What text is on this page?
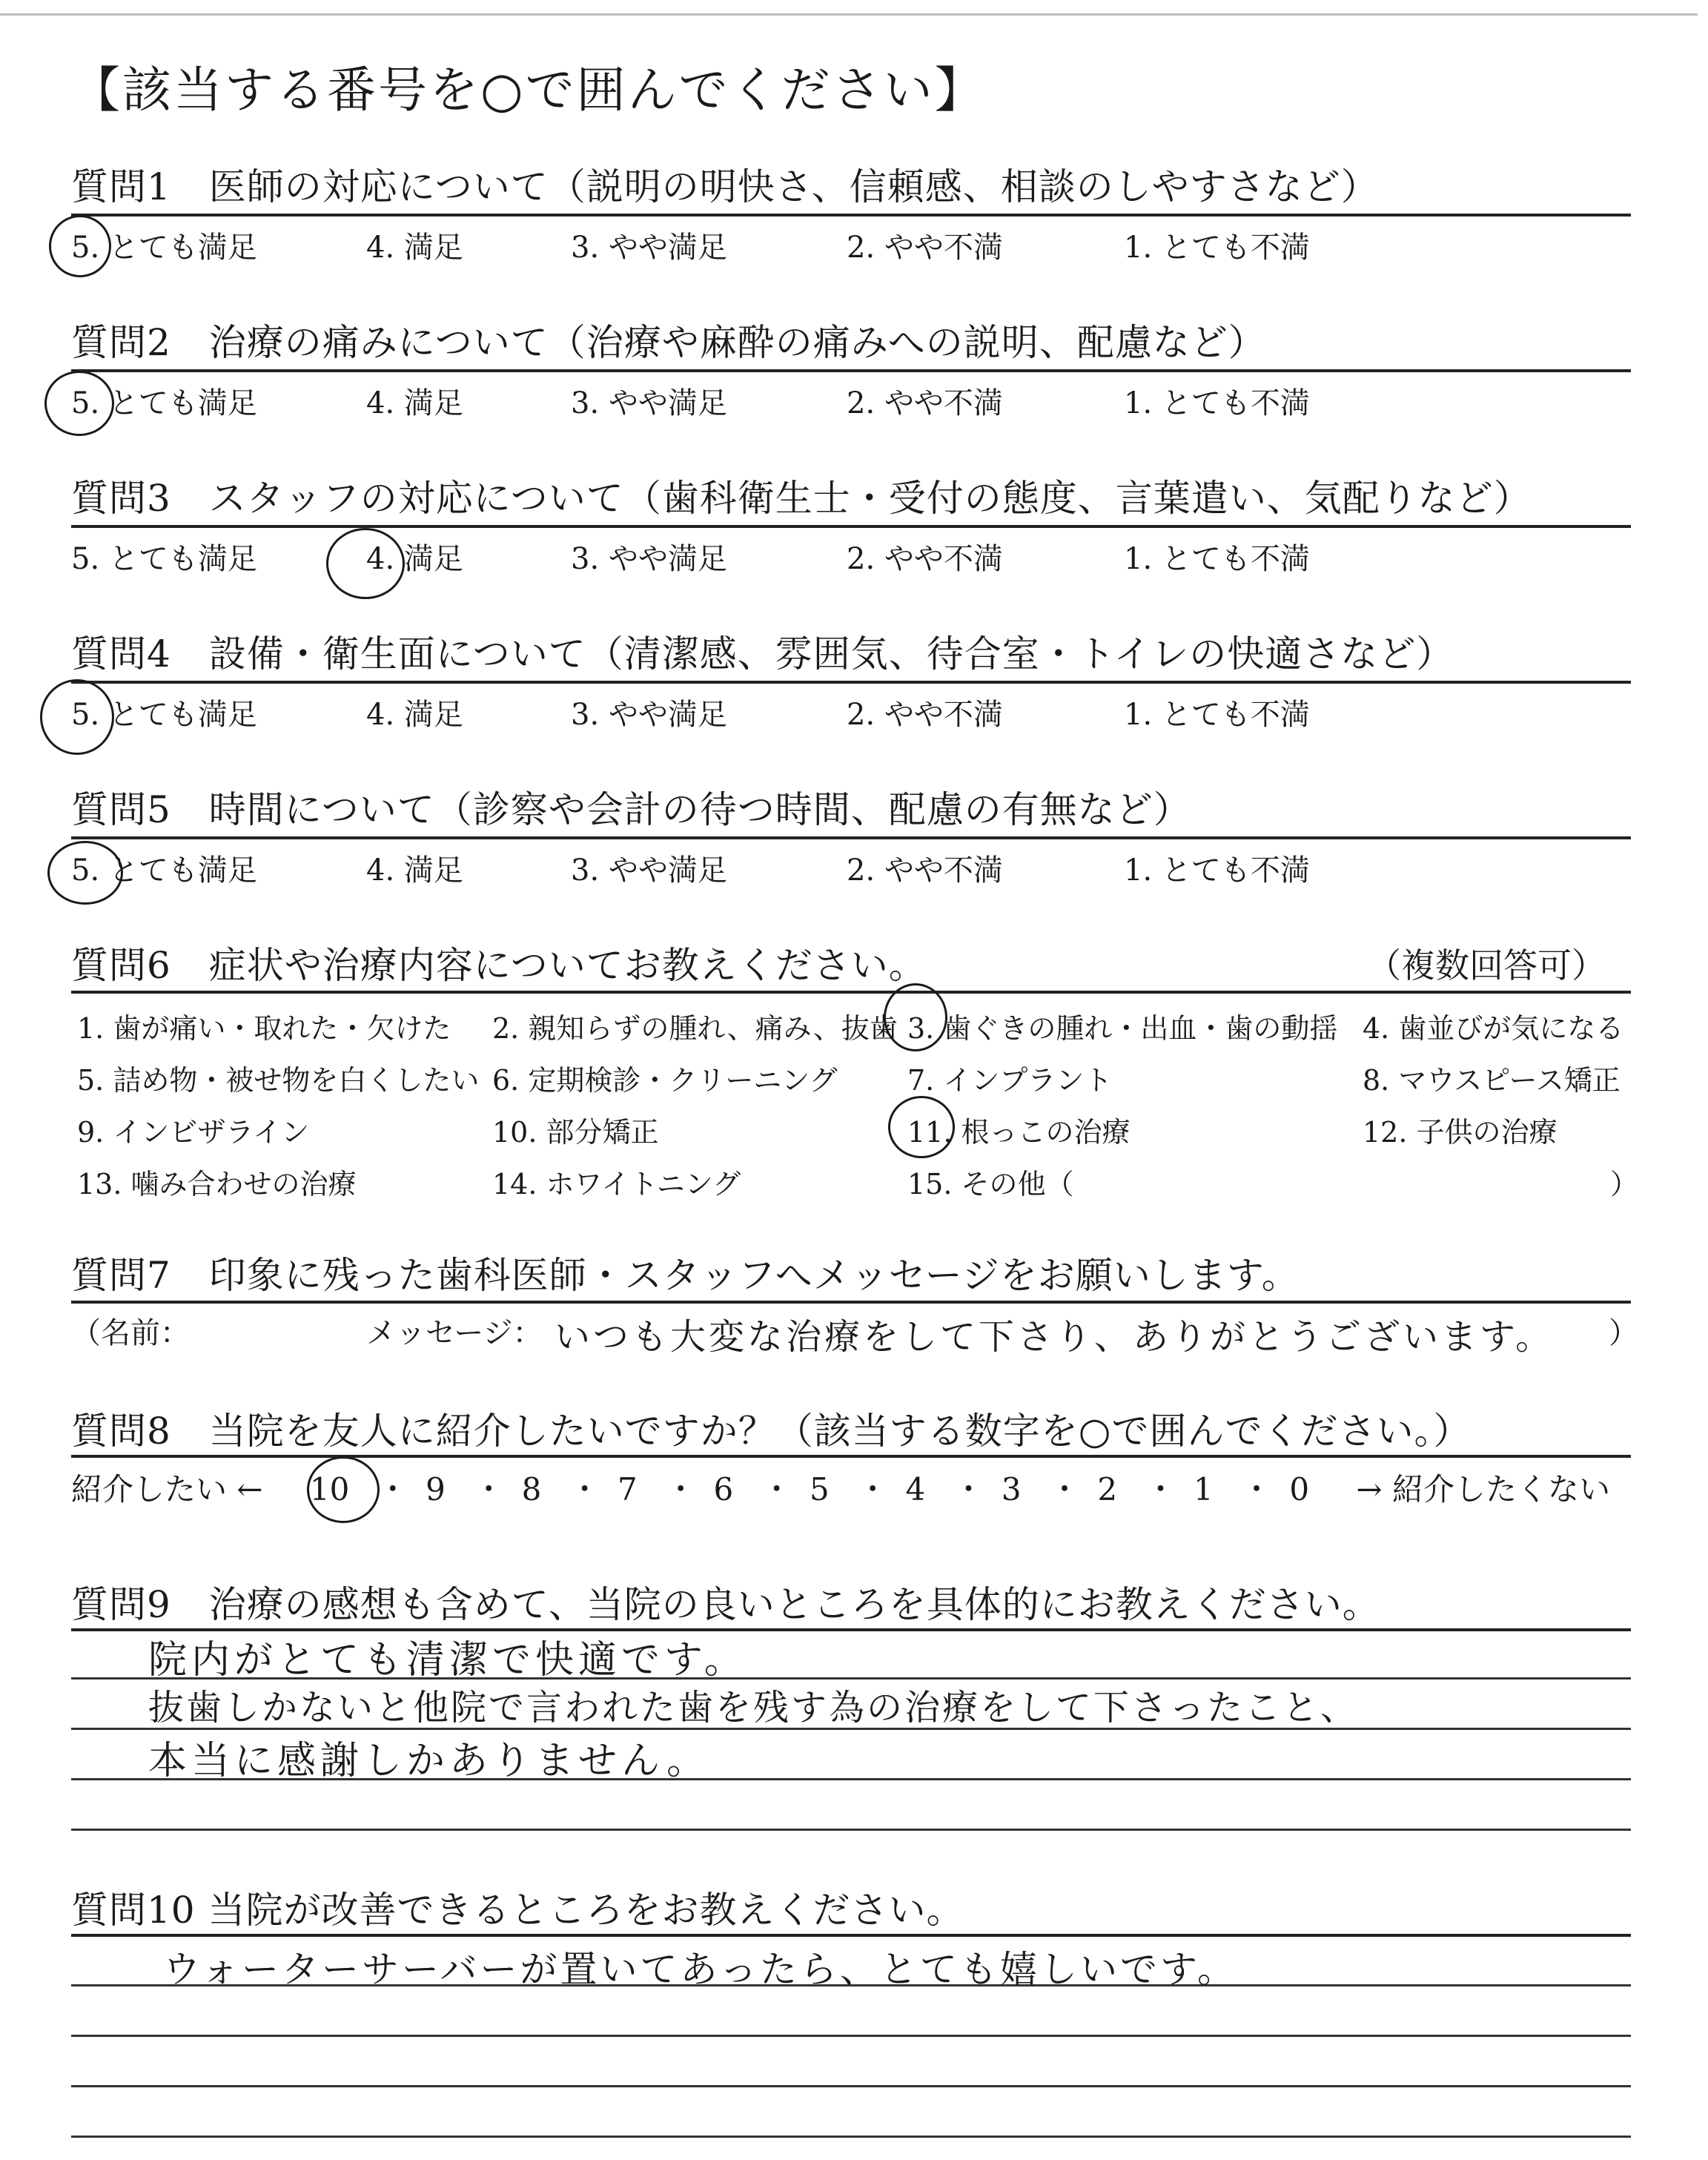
【該当する番号を○で囲んでください】
質問1　医師の対応について（説明の明快さ、信頼感、相談のしやすさなど）
5. とても満足	4. 満足	3. やや満足	2. やや不満	1. とても不満
質問2　治療の痛みについて（治療や麻酔の痛みへの説明、配慮など）
5. とても満足	4. 満足	3. やや満足	2. やや不満	1. とても不満
質問3　スタッフの対応について（歯科衛生士・受付の態度、言葉遣い、気配りなど）
5. とても満足	4. 満足	3. やや満足	2. やや不満	1. とても不満
質問4　設備・衛生面について（清潔感、雰囲気、待合室・トイレの快適さなど）
5. とても満足	4. 満足	3. やや満足	2. やや不満	1. とても不満
質問5　時間について（診察や会計の待つ時間、配慮の有無など）
5. とても満足	4. 満足	3. やや満足	2. やや不満	1. とても不満
質問6　症状や治療内容についてお教えください。	（複数回答可）
1. 歯が痛い・取れた・欠けた 2. 親知らずの腫れ、痛み、抜歯 3. 歯ぐきの腫れ・出血・歯の動揺 4. 歯並びが気になる
5. 詰め物・被せ物を白くしたい 6. 定期検診・クリーニング 7. インプラント	8. マウスピース矯正
9. インビザライン	10. 部分矯正	11. 根っこの治療	12. 子供の治療
13. 噛み合わせの治療	14. ホワイトニング	15. その他（	）
質問7　印象に残った歯科医師・スタッフへメッセージをお願いします。
（名前：	メッセージ： いつも大変な治療をして下さり、ありがとうございます。 ）
質問8　当院を友人に紹介したいですか？（該当する数字を○で囲んでください。）
紹介したい ← 10 ・ 9 ・ 8 ・ 7 ・ 6 ・ 5 ・ 4 ・ 3 ・ 2 ・ 1 ・ 0 → 紹介したくない
質問9　治療の感想も含めて、当院の良いところを具体的にお教えください。
院内がとても清潔で快適です。
抜歯しかないと他院で言われた歯を残す為の治療をして下さったこと、
本当に感謝しかありません。
質問10 当院が改善できるところをお教えください。
ウォーターサーバーが置いてあったら、とても嬉しいです。
